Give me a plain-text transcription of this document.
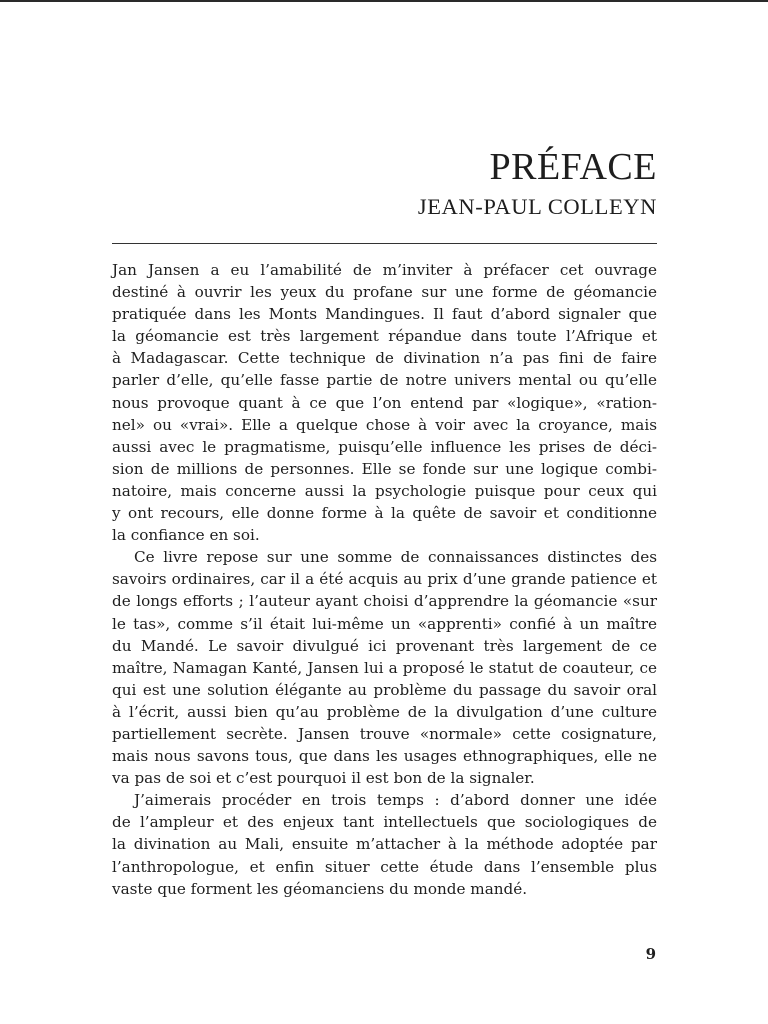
PRÉFACE
JEAN-PAUL COLLEYN
Jan Jansen a eu l’amabilité de m’inviter à préfacer cet ouvrage
destiné à ouvrir les yeux du profane sur une forme de géomancie
pratiquée dans les Monts Mandingues. Il faut d’abord signaler que
la géomancie est très largement répandue dans toute l’Afrique et
à Madagascar. Cette technique de divination n’a pas fini de faire
parler d’elle, qu’elle fasse partie de notre univers mental ou qu’elle
nous provoque quant à ce que l’on entend par «logique», «ration-
nel» ou «vrai». Elle a quelque chose à voir avec la croyance, mais
aussi avec le pragmatisme, puisqu’elle influence les prises de déci-
sion de millions de personnes. Elle se fonde sur une logique combi-
natoire, mais concerne aussi la psychologie puisque pour ceux qui
y ont recours, elle donne forme à la quête de savoir et conditionne
la confiance en soi.
Ce livre repose sur une somme de connaissances distinctes des
savoirs ordinaires, car il a été acquis au prix d’une grande patience et
de longs efforts ; l’auteur ayant choisi d’apprendre la géomancie «sur
le tas», comme s’il était lui-même un «apprenti» confié à un maître
du Mandé. Le savoir divulgué ici provenant très largement de ce
maître, Namagan Kanté, Jansen lui a proposé le statut de coauteur, ce
qui est une solution élégante au problème du passage du savoir oral
à l’écrit, aussi bien qu’au problème de la divulgation d’une culture
partiellement secrète. Jansen trouve «normale» cette cosignature,
mais nous savons tous, que dans les usages ethnographiques, elle ne
va pas de soi et c’est pourquoi il est bon de la signaler.
J’aimerais procéder en trois temps : d’abord donner une idée
de l’ampleur et des enjeux tant intellectuels que sociologiques de
la divination au Mali, ensuite m’attacher à la méthode adoptée par
l’anthropologue, et enfin situer cette étude dans l’ensemble plus
vaste que forment les géomanciens du monde mandé.
9
